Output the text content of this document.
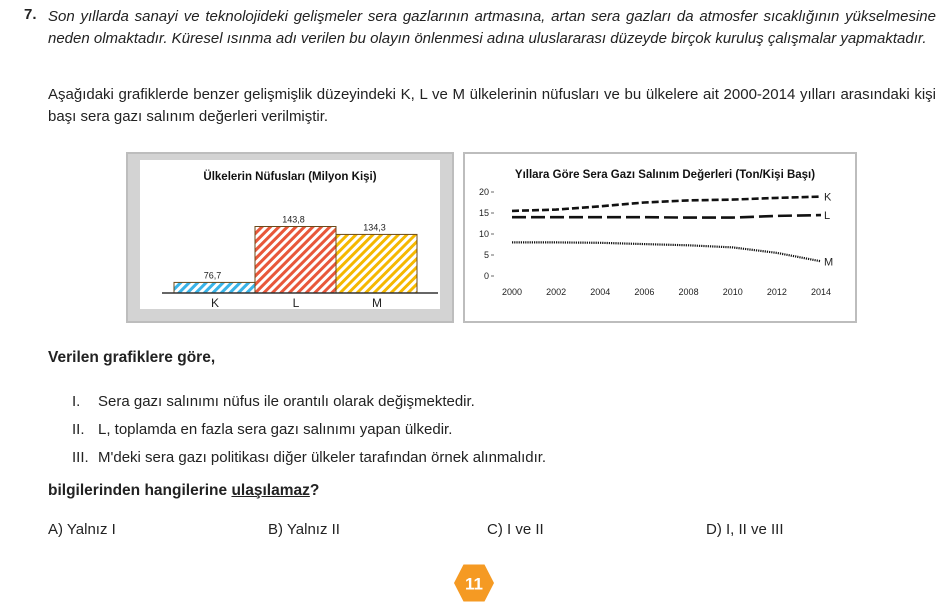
7. Son yıllarda sanayi ve teknolojideki gelişmeler sera gazlarının artmasına, artan sera gazları da atmosfer sıcaklığının yükselmesine neden olmaktadır. Küresel ısınma adı verilen bu olayın önlenmesi adına uluslararası düzeyde birçok kuruluş çalışmalar yapmaktadır.
Aşağıdaki grafiklerde benzer gelişmişlik düzeyindeki K, L ve M ülkelerinin nüfusları ve bu ülkelere ait 2000-2014 yılları arasındaki kişi başı sera gazı salınım değerleri verilmiştir.
Ülkelerin Nüfusları (Milyon Kişi)
76,7
143,8
134,3
K	L	M
Yıllara Göre Sera Gazı Salınım Değerleri (Ton/Kişi Başı)
0
5
10
15
20
2000	2002	2004	2006	2008	2010	2012	2014
K
L
M
Verilen grafiklere göre,
I. Sera gazı salınımı nüfus ile orantılı olarak değişmektedir.
II. L, toplamda en fazla sera gazı salınımı yapan ülkedir.
III. M'deki sera gazı politikası diğer ülkeler tarafından örnek alınmalıdır.
bilgilerinden hangilerine ulaşılamaz?
A) Yalnız I	B) Yalnız II	C) I ve II	D) I, II ve III
11
